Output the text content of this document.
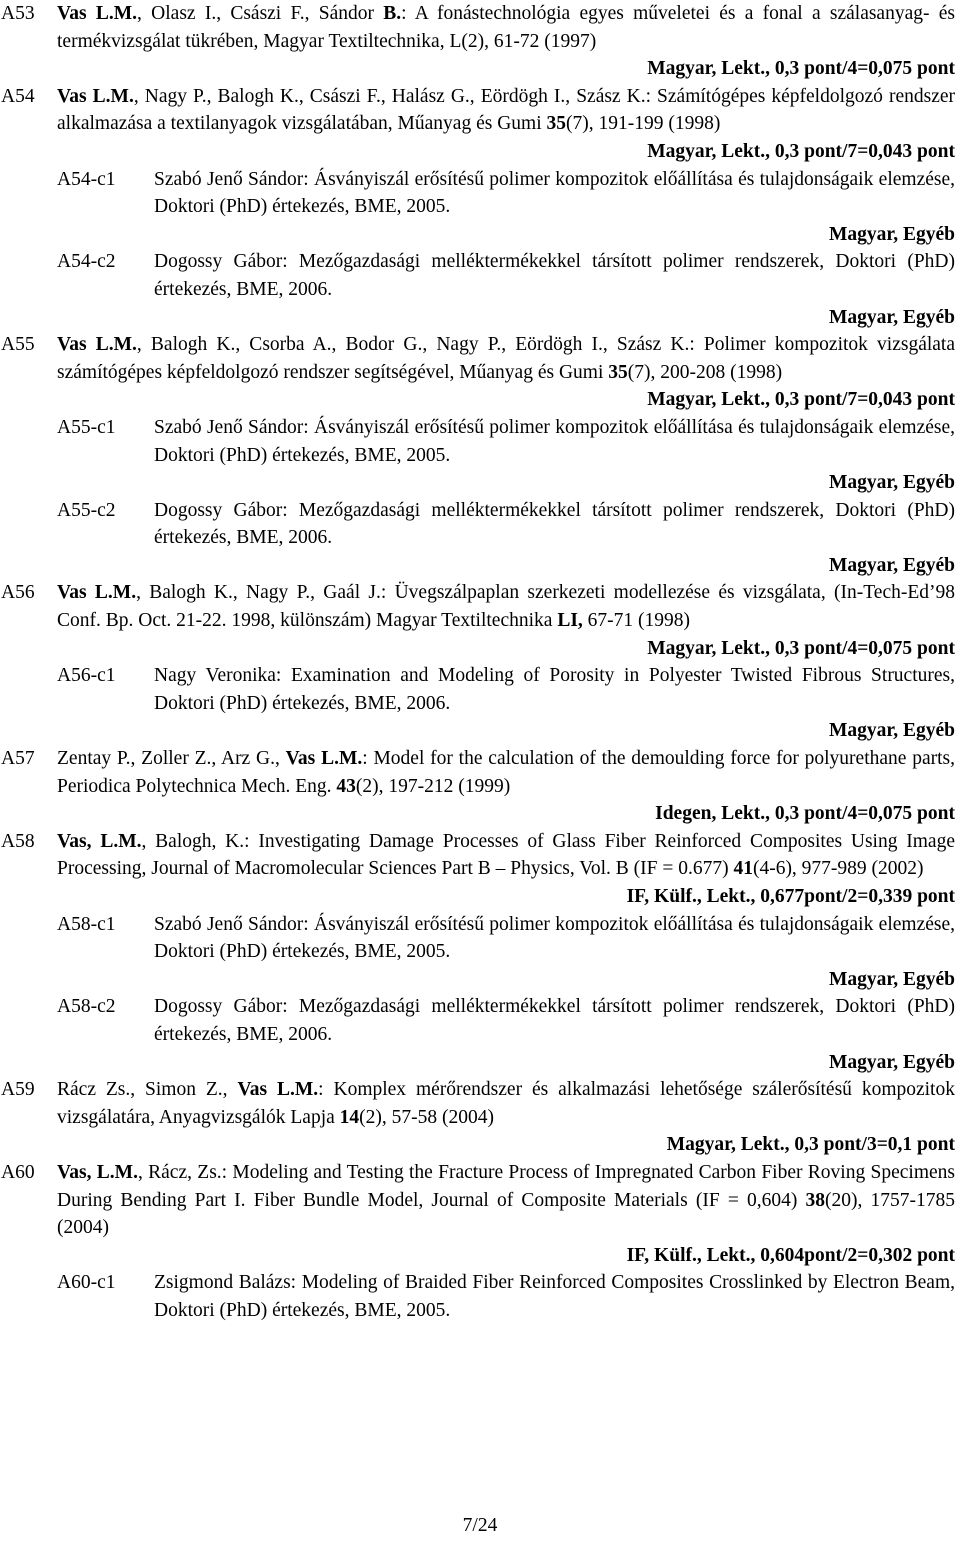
A53 Vas L.M., Olasz I., Császi F., Sándor B.: A fonástechnológia egyes műveletei és a fonal a szálasanyag- és termékvizsgálat tükrében, Magyar Textiltechnika, L(2), 61-72 (1997)
Magyar, Lekt., 0,3 pont/4=0,075 pont
A54 Vas L.M., Nagy P., Balogh K., Császi F., Halász G., Eördögh I., Szász K.: Számítógépes képfeldolgozó rendszer alkalmazása a textilanyagok vizsgálatában, Műanyag és Gumi 35(7), 191-199 (1998)
Magyar, Lekt., 0,3 pont/7=0,043 pont
A54-c1 Szabó Jenő Sándor: Ásványiszál erősítésű polimer kompozitok előállítása és tulajdonságaik elemzése, Doktori (PhD) értekezés, BME, 2005.
Magyar, Egyéb
A54-c2 Dogossy Gábor: Mezőgazdasági melléktermékekkel társított polimer rendszerek, Doktori (PhD) értekezés, BME, 2006.
Magyar, Egyéb
A55 Vas L.M., Balogh K., Csorba A., Bodor G., Nagy P., Eördögh I., Szász K.: Polimer kompozitok vizsgálata számítógépes képfeldolgozó rendszer segítségével, Műanyag és Gumi 35(7), 200-208 (1998)
Magyar, Lekt., 0,3 pont/7=0,043 pont
A55-c1 Szabó Jenő Sándor: Ásványiszál erősítésű polimer kompozitok előállítása és tulajdonságaik elemzése, Doktori (PhD) értekezés, BME, 2005.
Magyar, Egyéb
A55-c2 Dogossy Gábor: Mezőgazdasági melléktermékekkel társított polimer rendszerek, Doktori (PhD) értekezés, BME, 2006.
Magyar, Egyéb
A56 Vas L.M., Balogh K., Nagy P., Gaál J.: Üvegszálpaplan szerkezeti modellezése és vizsgálata, (In-Tech-Ed’98 Conf. Bp. Oct. 21-22. 1998, különszám) Magyar Textiltechnika LI, 67-71 (1998)
Magyar, Lekt., 0,3 pont/4=0,075 pont
A56-c1 Nagy Veronika: Examination and Modeling of Porosity in Polyester Twisted Fibrous Structures, Doktori (PhD) értekezés, BME, 2006.
Magyar, Egyéb
A57 Zentay P., Zoller Z., Arz G., Vas L.M.: Model for the calculation of the demoulding force for polyurethane parts, Periodica Polytechnica Mech. Eng. 43(2), 197-212 (1999)
Idegen, Lekt., 0,3 pont/4=0,075 pont
A58 Vas, L.M., Balogh, K.: Investigating Damage Processes of Glass Fiber Reinforced Composites Using Image Processing, Journal of Macromolecular Sciences Part B – Physics, Vol. B (IF = 0.677) 41(4-6), 977-989 (2002)
IF, Külf., Lekt., 0,677pont/2=0,339 pont
A58-c1 Szabó Jenő Sándor: Ásványiszál erősítésű polimer kompozitok előállítása és tulajdonságaik elemzése, Doktori (PhD) értekezés, BME, 2005.
Magyar, Egyéb
A58-c2 Dogossy Gábor: Mezőgazdasági melléktermékekkel társított polimer rendszerek, Doktori (PhD) értekezés, BME, 2006.
Magyar, Egyéb
A59 Rácz Zs., Simon Z., Vas L.M.: Komplex mérőrendszer és alkalmazási lehetősége szálerősítésű kompozitok vizsgálatára, Anyagvizsgálók Lapja 14(2), 57-58 (2004)
Magyar, Lekt., 0,3 pont/3=0,1 pont
A60 Vas, L.M., Rácz, Zs.: Modeling and Testing the Fracture Process of Impregnated Carbon Fiber Roving Specimens During Bending Part I. Fiber Bundle Model, Journal of Composite Materials (IF = 0,604) 38(20), 1757-1785 (2004)
IF, Külf., Lekt., 0,604pont/2=0,302 pont
A60-c1 Zsigmond Balázs: Modeling of Braided Fiber Reinforced Composites Crosslinked by Electron Beam, Doktori (PhD) értekezés, BME, 2005.
7/24
